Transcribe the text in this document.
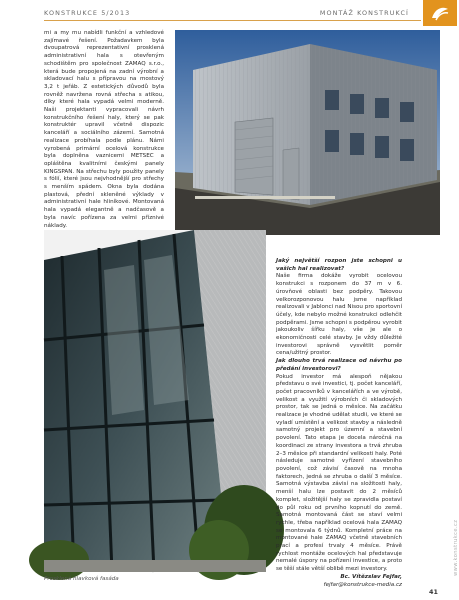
KONSTRUKCE 5/2013	MONTÁŽ KONSTRUKCÍ

mi a my mu nabídli funkční a vzhledové zajímavé řešení. Požadavkem byla dvoupatrová reprezentativní prosklená administrativní hala s otevřeným schodištěm pro společnost ZAMAQ s.r.o., která bude propojená na zadní výrobní a skladovací halu s přípravou na mostový 3,2 t jeřáb. Z estetických důvodů byla rovněž navržena rovná střecha s atikou, díky které hala vypadá velmi moderně. Naši projektanti vypracovali návrh konstrukčního řešení haly, který se pak konstruktér upravil včetně dispozic kanceláří a sociálního zázemí. Samotná realizace probíhala podle plánu. Námi vyrobená primární ocelová konstrukce byla doplněna vaznicemi METSEC a opláštěna kvalitními českými panely KINGSPAN. Na střechu byly použity panely s fólií, které jsou nejvhodnější pro střechy s menším spádem. Okna byla dodána plastová, přední skleněné výklady v administrativní hale hliníkové. Montovaná hala vypadá elegantně a nadčasově a byla navíc pořízena za velmi příznivé náklady.

Prosklená hlavková fasáda

Jaký největší rozpon jste schopni u vašich hal realizovat?

Naše firma dokáže vyrobit ocelovou konstrukci s rozponem do 37 m v 6. úrovňové oblasti bez podpěry. Takovou velkorozponovou halu jsme například realizovali v Jablonci nad Nisou pro sportovní účely, kde nebylo možné konstrukci odlehčit podpěrami. Jsme schopni s podpěrou vyrobit jakoukoliv šířku haly, vše je ale o ekonomičnosti celé stavby. Je vždy důležité investorovi správně vysvětlit poměr cena/užitný prostor.

Jak dlouho trvá realizace od návrhu po předání investorovi?

Pokud investor má alespoň nějakou představu o své investici, tj. počet kanceláří, počet pracovníků v kancelářích a ve výrobě, velikost a využití výrobních či skladových prostor, tak se jedná o měsíce. Na začátku realizace je vhodné udělat studii, ve které se vyladí umístění a velikost stavby a následně samotný projekt pro územní a stavební povolení. Tato etapa je docela náročná na koordinaci ze strany investora a trvá zhruba 2–3 měsíce při standardní velikosti haly. Poté následuje samotné vyřízení stavebního povolení, což závisí časově na mnoha faktorech, jedná se zhruba o další 3 měsíce. Samotná výstavba závisí na složitosti haly, menší halu lze postavit do 2 měsíců komplet, složitější haly se zpravidla postaví do půl roku od prvního kopnutí do země. Samotná montovaná část se staví velmi rychle, třeba například ocelová hala ZAMAQ se montovala 6 týdnů. Kompletní práce na montované hale ZAMAQ včetně stavebních prací a profesí trvaly 4 měsíce. Právě rychlost montáže ocelových hal představuje nemalé úspory na pořízení investice, a proto se těší stále větší oblibě mezi investory.

Bc. Vítězslav Fejfar,

fejfar@konstrukce-media.cz

www.konstrukce.cz
41
